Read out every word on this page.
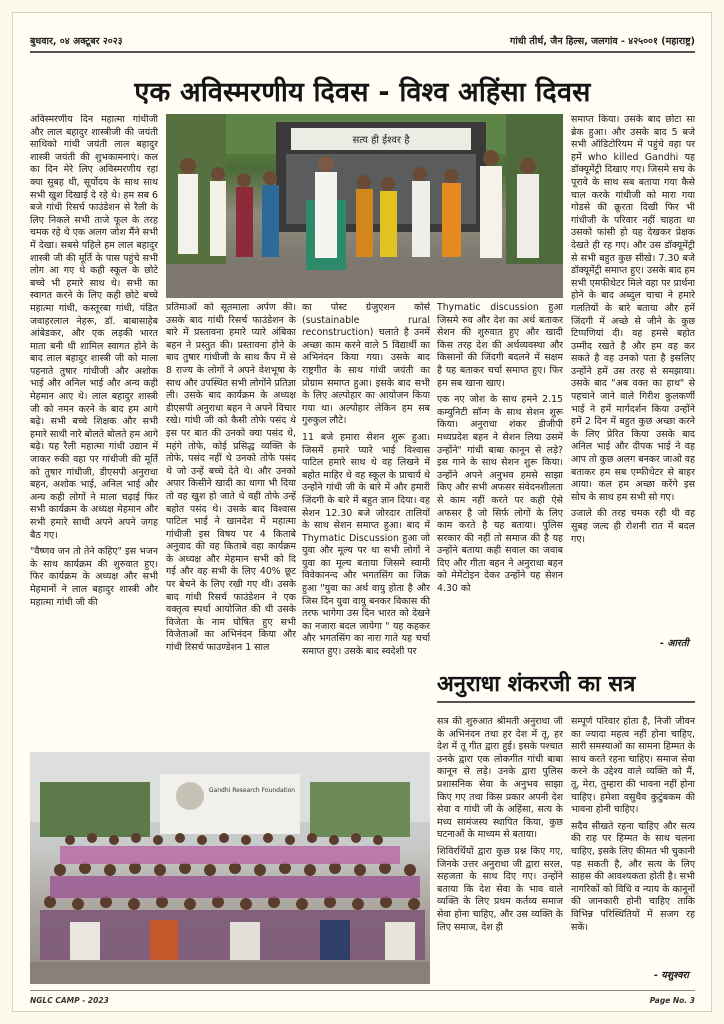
बुधवार, ०४ अक्टूबर २०२३	गांधी तीर्थ, जैन हिल्स, जलगांव - ४२५००१ (महाराष्ट्र)
एक अविस्मरणीय दिवस - विश्व अहिंसा दिवस

अविस्मरणीय दिन महात्मा गांधीजी और लाल बहादुर शास्त्रीजी की जयंती साथिको गांधी जयंती लाल बहादुर शास्त्री जयंती की शुभकामनाएं। कल का दिन मेरे लिए अविस्मरणीय रहा क्या सुबह थी, सूर्योदय के साथ साथ सभी खुश दिखाई दे रहे थे। हम सब 6 बजे गांधी रिसर्च फाउंडेशन से रैली के लिए निकले सभी ताजे फूल के तरह चमक रहे थे एक अलग जोश मैंने सभी में देखा। सबसे पहिले हम लाल बहादुर शास्त्री जी की मूर्ति के पास पहुंचे सभी लोग आ गए थे कही स्कूल के छोटे बच्चे भी हमारे साथ थे। सभी का स्वागत करने के लिए कही छोटे बच्चे महात्मा गांधी, कस्तूरबा गांधी, पंडित जवाहरलाल नेहरू, डॉ. बाबासाहेब आंबेडकर, और एक लड़की भारत माता बनी थी शामिल स्वागत होने के बाद लाल बहादुर शास्त्री जी को माला पहनाते तुषार गांधीजी और अशोक भाई और अनिल भाई और अन्य कही मेहमान आए थे। लाल बहादुर शास्त्री जी को नमन करने के बाद हम आगे बढ़े। सभी बच्चे शिक्षक और सभी हमारे साथी नारे बोलते बोलते हम आगे बढ़े। यह रैली महात्मा गांधी उद्यान में जाकर रुकी वहा पर गांधीजी की मूर्ति को तुषार गांधीजी, डीएसपी अनुराधा बहन, अशोक भाई, अनिल भाई और अन्य कही लोगों ने माला चढ़ाई फिर सभी कार्यक्रम के अध्यक्ष मेहमान और सभी हमारे साथी अपने अपने जगह बैठ गए।

"वैष्णव जन तो तेने कहिए" इस भजन के साथ कार्यक्रम की शुरुवात हुए। फिर कार्यक्रम के अध्यक्ष और सभी मेहमानों ने लाल बहादुर शास्त्री और महात्मा गांधी जी की

सत्य ही ईश्वर है

प्रतिमाओं को सूतमाला अर्पण की। उसके बाद गांधी रिसर्च फाउंडेशन के बारे में प्रस्तावना हमारे प्यारे अंबिका बहन ने प्रस्तुत की। प्रस्तावना होने के बाद तुषार गांधीजी के साथ कैंप में से 8 राज्य के लोगों ने अपने वेशभूषा के साथ और उपस्थित सभी लोगोंने प्रतिज्ञा ली। उसके बाद कार्यक्रम के अध्यक्ष डीएसपी अनुराधा बहन ने अपने विचार रखे। गांधी जी को कैसी तोफे पसंद थे इस पर बात की उनको क्या पसंद थे, महंगे तोफे, कोई प्रसिद्ध व्यक्ति के तोफे, पसंद नहीं थे उनको तोफे पसंद थे जो उन्हें बच्चे देते थे। और उनको अपार किसीने खादी का धागा भी दिया तो वह खुश हो जाते थे वही तोफे उन्हें बहोत पसंद थे। उसके बाद विश्वास पाटिल भाई ने खानदेश में महात्मा गांधीजी इस विषय पर 4 किताबे अनुवाद की वह किताबे वहा कार्यक्रम के अध्यक्ष और मेहमान सभी को दि गई और वह सभी के लिए 40% छूट पर बेचने के लिए रखी गए थी। उसके बाद गांधी रिसर्च फाउंडेशन ने एक वक्तृत्व स्पर्धा आयोजित की थी उसके विजेता के नाम घोषित हुए सभी विजेताओं का अभिनंदन किया और गांधी रिसर्च फाउण्डेशन 1 साल

का पोस्ट ग्रेजुएशन कोर्स (sustainable rural reconstruction) चलाते है उनमें अच्छा काम करने वाले 5 विद्यार्थी का अभिनंदन किया गया। उसके बाद राष्ट्रगीत के साथ गांधी जयंती का प्रोग्राम समाप्त हुआ। इसके बाद सभी के लिए अल्पोहार का आयोजन किया गया था। अल्पोहार लेकिन हम सब गुरुकुल लौटे।

11 बजे हमारा सेशन शुरू हुआ। जिसमें हमारे प्यारे भाई विश्वास पाटिल हमारे साथ थे वह लिखने में बहोत माहिर थे वह स्कूल के प्राचार्य थे उन्होंने गांधी जी के बारे में और हमारी जिंदगी के बारे में बहुत ज्ञान दिया। वह सेशन 12.30 बजे जोरदार तालियों के साथ सेशन समाप्त हुआ। बाद में Thymatic Discussion हुआ जो युवा और मूल्य पर था सभी लोगों ने युवा का मूल्य बताया जिसमे स्वामी विवेकानन्द और भगतसिंग का जिक्र हुआ "युवा का अर्थ वायु होता है और जिस दिन युवा वायु बनकर विकास की तरफ भागेगा उस दिन भारत को देखने का नजारा बदल जायेगा " यह कहकर और भगतसिंग का नारा गाते यह चर्चा समाप्त हुए। उसके बाद स्वदेशी पर

Thymatic discussion हुआ जिसमे रुव और देश का अर्थ बताकर सेशन की शुरुवात हुए और खादी किस तरह देश की अर्थव्यवस्था और किसानों की जिंदगी बदलने में सक्षम है यह बताकर चर्चा समाप्त हुए। फिर हम सब खाना खाए।

एक नए जोश के साथ हमने 2.15 कम्युनिटी सॉन्ग के साथ सेशन शुरू किया। अनुराधा शंकर डीजीपी मध्यप्रदेश बहन ने सेशन लिया उसमें उन्होंने" गांधी बाबा कानून से लड़े? इस गाने के साथ सेशन शुरू किया। उन्होंने अपने अनुभव हमसे साझा किए और सभी अफसर संवेदनशीलता से काम नहीं करते पर कही ऐसे अफसर है जो सिर्फ लोगों के लिए काम करते है यह बताया। पुलिस सरकार की नहीं तो समाज की है यह उन्होंने बताया कही सवाल का जवाब दिए और गीता बहन ने अनुराधा बहन को मेमेंटोइन देकर उन्होंने यह सेशन 4.30 को

समाप्त किया। उसके बाद छोटा सा ब्रेक हुआ। और उसके बाद 5 बजे सभी ऑडिटोरियम में पहुंचे वहा पर हमें who killed Gandhi यह डॉक्यूमेंट्री दिखाए गए। जिसमे सच के पूरावे के साथ सब बताया गया कैसे चाल करके गांधीजी को मारा गया गोडसे की क्रूरता दिखी फिर भी गांधीजी के परिवार नहीं चाहता था उसको फांसी हो यह देखकर प्रेक्षक देखते ही रह गए। और उस डॉक्यूमेंट्री से सभी बहुत कुछ सीखे। 7.30 बजे डॉक्यूमेंट्री समाप्त हुए। उसके बाद हम सभी एमफीथेटर मिले वहा पर प्रार्थना होने के बाद अब्दुल चाचा ने हमारे गलतियों के बारे बताया और हमें जिंदगी में अच्छे से जीने के कुछ टिप्पणियां दी। वह हमसे बहोत उम्मीद रखते है और हम वह कर सकते है वह उनको पता है इसलिए उन्होंने हमें उस तरह से समझाया। उसके बाद "अब वक्त का हाथ" से पहचाने जाने वाले गिरीश कुलकर्णी भाई ने हमें मार्गदर्शन किया उन्होंने हमें 2 दिन में बहुत कुछ अच्छा करने के लिए प्रेरित किया उसके बाद अनिल भाई और दीपक भाई ने वह आप तो कुछ अलग बनकर जाओ वह बताकर हम सब एम्फीथेटर से बाहर आया। कल हम अच्छा करेंगे इस सोच के साथ हम सभी सो गए।

उजाले की तरह चमक रही थी वह सुबह जल्द ही रोशनी रात में बदल गए।

- आरती
Gandhi Research Foundation
अनुराधा शंकरजी का सत्र

सत्र की शुरुआत श्रीमती अनुराधा जी के अभिनंदन तथा हर देश में तू, हर देश में तू गीत द्वारा हुई। इसके पश्चात उनके द्वारा एक लोकगीत गांधी बाबा कानून से लड़े। उनके द्वारा पुलिस प्रशासनिक सेवा के अनुभव साझा किए गए तथा किस प्रकार अपनी देश सेवा व गांधी जी के अहिंसा, सत्य के मध्य सामंजस्य स्थापित किया, कुछ घटनाओं के माध्यम से बताया।

शिविरर्थियों द्वारा कुछ प्रश्न किए गए, जिनके उत्तर अनुराधा जी द्वारा सरल, सहजता के साथ दिए गए। उन्होंने बताया कि देश सेवा के भाव वाले व्यक्ति के लिए प्रथम कर्तव्य समाज सेवा होना चाहिए, और उस व्यक्ति के लिए समाज, देश ही

सम्पूर्ण परिवार होता है, निजी जीवन का ज्यादा महत्व नहीं होना चाहिए, सारी समस्याओं का सामना हिम्मत के साथ करते रहना चाहिए। समाज सेवा करने के उद्देश्य वाले व्यक्ति को मैं, तू, मेरा, तुम्हारा की भावना नहीं होना चाहिए। हमेशा वसुधैव कुटुंबकम की भावना होनी चाहिए।

सदैव सीखते रहना चाहिए और सत्य की राह पर हिम्मत के साथ चलना चाहिए, इसके लिए कीमत भी चुकानी पड़ सकती है, और सत्य के लिए साहस की आवश्यकता होती है। सभी नागरिकों को विधि व न्याय के कानूनों की जानकारी होनी चाहिए ताकि विभिन्न परिस्थितियों में सजग रह सकें।

- यशुश्वरा
NGLC CAMP - 2023	Page No. 3
